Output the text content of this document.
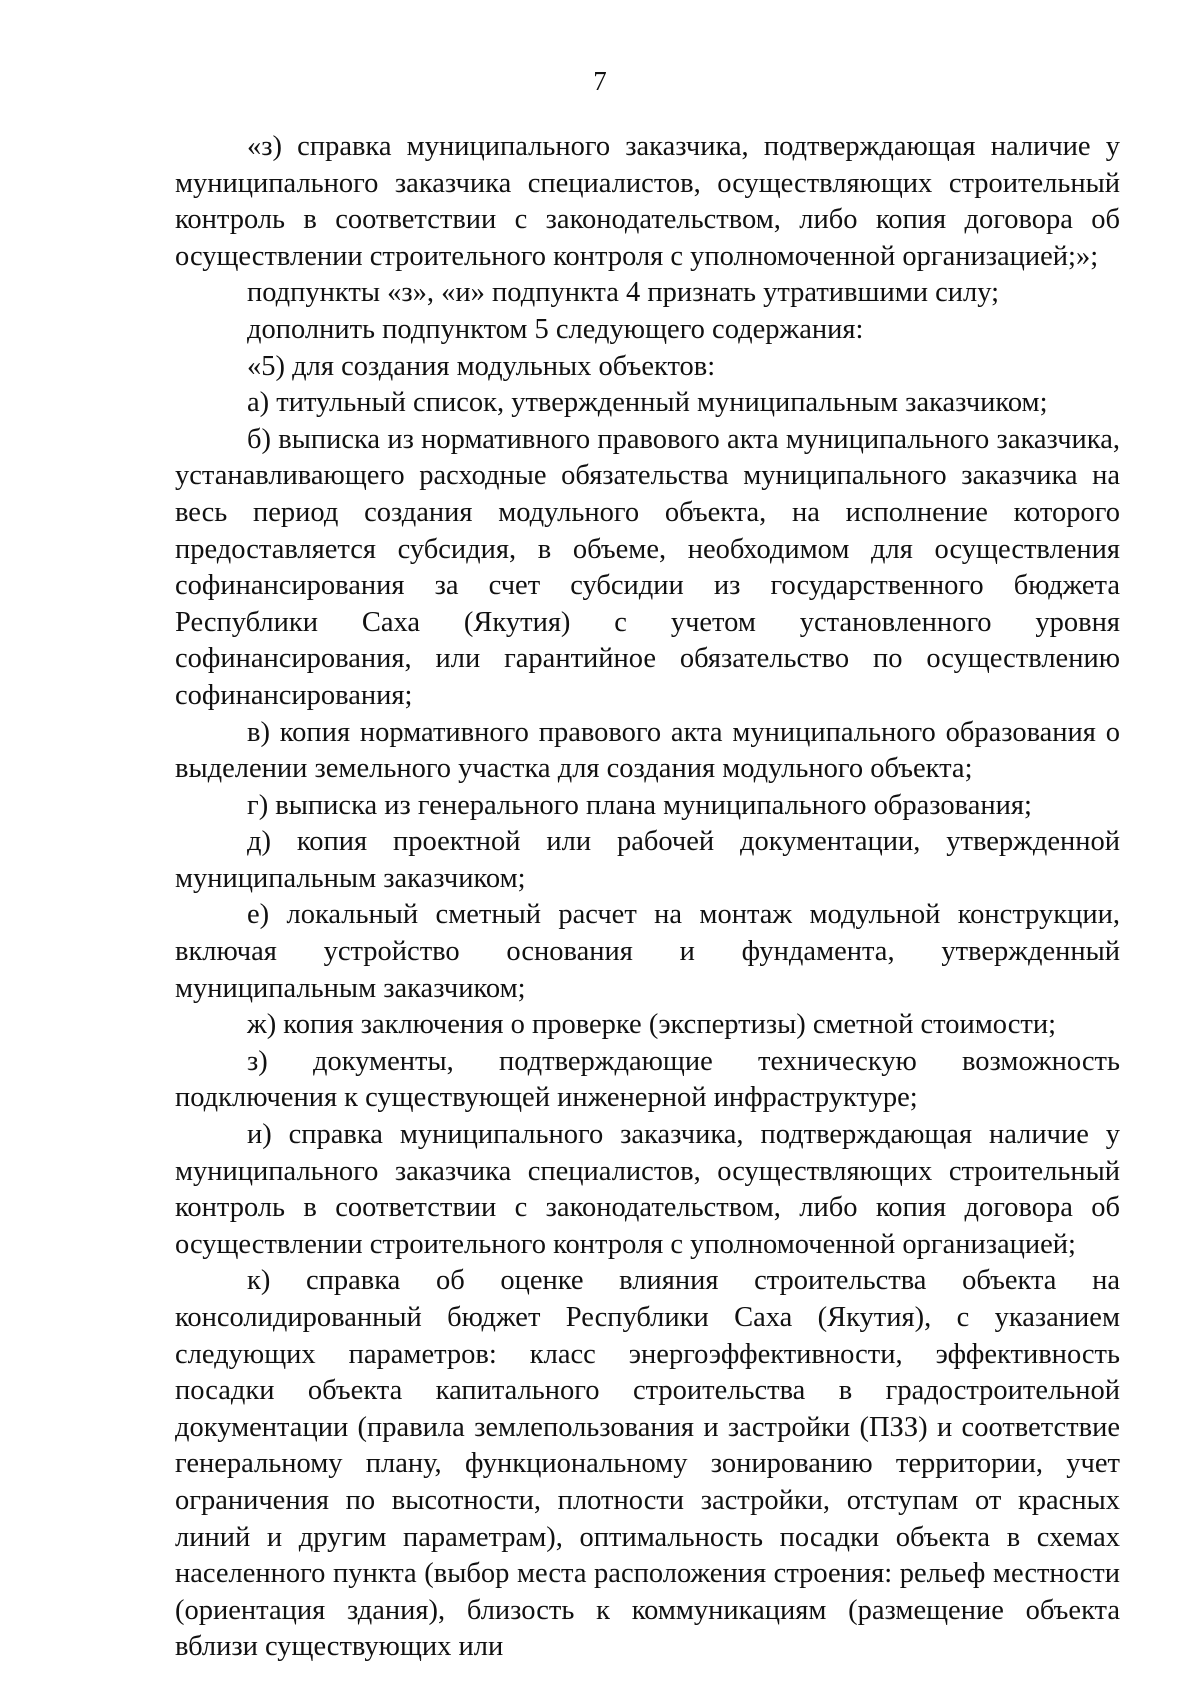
7

«з) справка муниципального заказчика, подтверждающая наличие у муниципального заказчика специалистов, осуществляющих строительный контроль в соответствии с законодательством, либо копия договора об осуществлении строительного контроля с уполномоченной организацией;»;

подпункты «з», «и» подпункта 4 признать утратившими силу;

дополнить подпунктом 5 следующего содержания:

«5) для создания модульных объектов:

а) титульный список, утвержденный муниципальным заказчиком;

б) выписка из нормативного правового акта муниципального заказчика, устанавливающего расходные обязательства муниципального заказчика на весь период создания модульного объекта, на исполнение которого предоставляется субсидия, в объеме, необходимом для осуществления софинансирования за счет субсидии из государственного бюджета Республики Саха (Якутия) с учетом установленного уровня софинансирования, или гарантийное обязательство по осуществлению софинансирования;

в) копия нормативного правового акта муниципального образования о выделении земельного участка для создания модульного объекта;

г) выписка из генерального плана муниципального образования;

д) копия проектной или рабочей документации, утвержденной муниципальным заказчиком;

е) локальный сметный расчет на монтаж модульной конструкции, включая устройство основания и фундамента, утвержденный муниципальным заказчиком;

ж) копия заключения о проверке (экспертизы) сметной стоимости;

з) документы, подтверждающие техническую возможность подключения к существующей инженерной инфраструктуре;

и) справка муниципального заказчика, подтверждающая наличие у муниципального заказчика специалистов, осуществляющих строительный контроль в соответствии с законодательством, либо копия договора об осуществлении строительного контроля с уполномоченной организацией;

к) справка об оценке влияния строительства объекта на консолидированный бюджет Республики Саха (Якутия), с указанием следующих параметров: класс энергоэффективности, эффективность посадки объекта капитального строительства в градостроительной документации (правила землепользования и застройки (ПЗЗ) и соответствие генеральному плану, функциональному зонированию территории, учет ограничения по высотности, плотности застройки, отступам от красных линий и другим параметрам), оптимальность посадки объекта в схемах населенного пункта (выбор места расположения строения: рельеф местности (ориентация здания), близость к коммуникациям (размещение объекта вблизи существующих или
